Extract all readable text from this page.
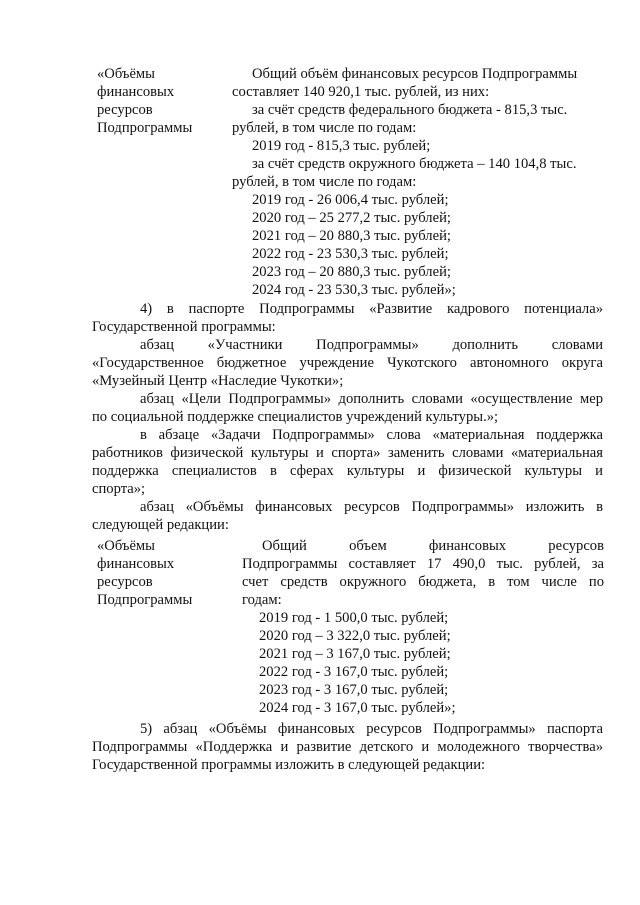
«Объёмы

финансовых

ресурсов

Подпрограммы

Общий объём финансовых ресурсов Подпрограммы

составляет 140 920,1 тыс. рублей, из них:

за счёт средств федерального бюджета - 815,3 тыс.

рублей, в том числе по годам:

2019 год - 815,3 тыс. рублей;

за счёт средств окружного бюджета – 140 104,8 тыс.

рублей, в том числе по годам:

2019 год - 26 006,4 тыс. рублей;

2020 год – 25 277,2 тыс. рублей;

2021 год – 20 880,3 тыс. рублей;

2022 год - 23 530,3 тыс. рублей;

2023 год – 20 880,3 тыс. рублей;

2024 год - 23 530,3 тыс. рублей»;

4) в паспорте Подпрограммы «Развитие кадрового потенциала»

Государственной программы:

абзац «Участники Подпрограммы» дополнить словами

«Государственное бюджетное учреждение Чукотского автономного округа

«Музейный Центр «Наследие Чукотки»;

абзац «Цели Подпрограммы» дополнить словами «осуществление мер

по социальной поддержке специалистов учреждений культуры.»;

в абзаце «Задачи Подпрограммы» слова «материальная поддержка

работников физической культуры и спорта» заменить словами «материальная

поддержка специалистов в сферах культуры и физической культуры и

спорта»;

абзац «Объёмы финансовых ресурсов Подпрограммы» изложить в

следующей редакции:

«Объёмы

финансовых

ресурсов

Подпрограммы

Общий объем финансовых ресурсов

Подпрограммы составляет 17 490,0 тыс. рублей, за

счет средств окружного бюджета, в том числе по

годам:

2019 год - 1 500,0 тыс. рублей;

2020 год – 3 322,0 тыс. рублей;

2021 год – 3 167,0 тыс. рублей;

2022 год - 3 167,0 тыс. рублей;

2023 год - 3 167,0 тыс. рублей;

2024 год - 3 167,0 тыс. рублей»;

5) абзац «Объёмы финансовых ресурсов Подпрограммы» паспорта

Подпрограммы «Поддержка и развитие детского и молодежного творчества»

Государственной программы изложить в следующей редакции:
